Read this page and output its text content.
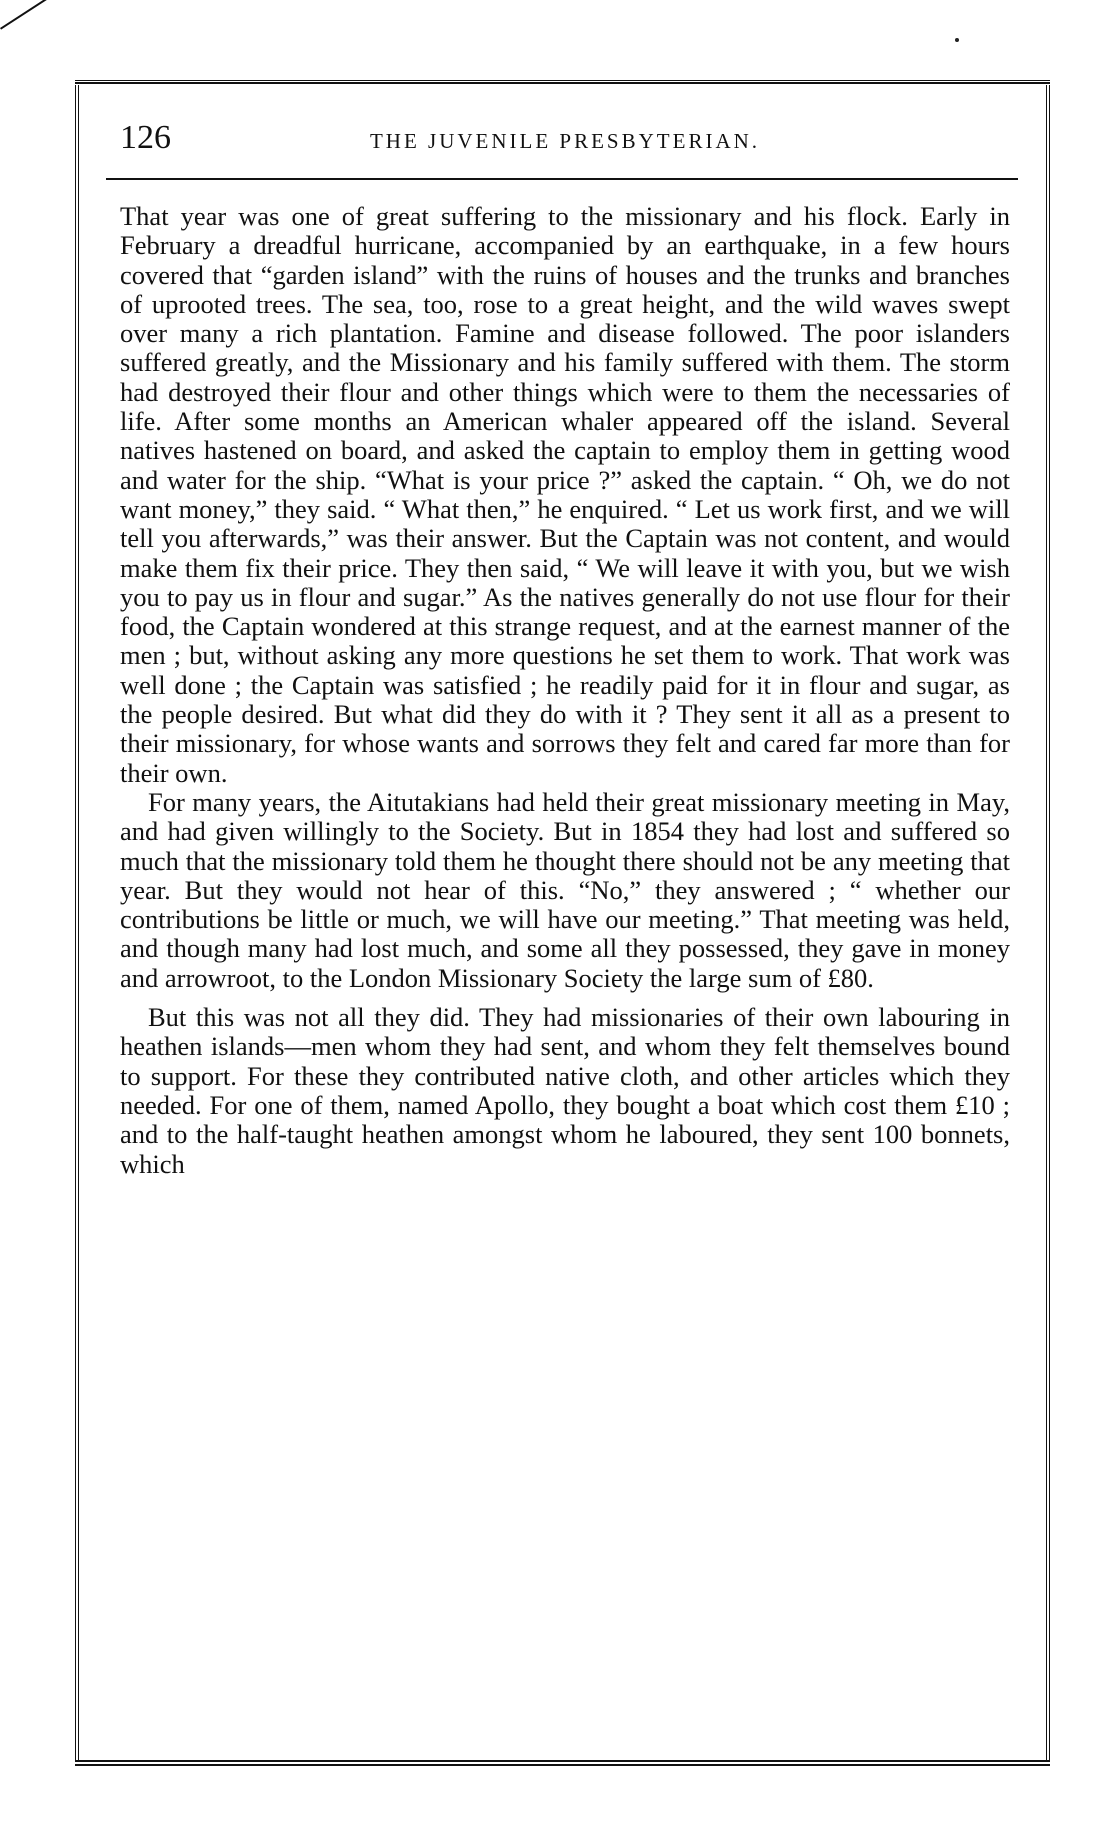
126	THE JUVENILE PRESBYTERIAN.

That year was one of great suffering to the missionary and his flock. Early in February a dreadful hurricane, accompanied by an earthquake, in a few hours covered that “garden island” with the ruins of houses and the trunks and branches of uprooted trees. The sea, too, rose to a great height, and the wild waves swept over many a rich plantation. Famine and disease followed. The poor islanders suffered greatly, and the Missionary and his family suffered with them. The storm had destroyed their flour and other things which were to them the necessaries of life. After some months an American whaler appeared off the island. Several natives hastened on board, and asked the captain to employ them in getting wood and water for the ship. “What is your price ?” asked the captain. “ Oh, we do not want money,” they said. “ What then,” he enquired. “ Let us work first, and we will tell you afterwards,” was their answer. But the Captain was not content, and would make them fix their price. They then said, “ We will leave it with you, but we wish you to pay us in flour and sugar.” As the natives generally do not use flour for their food, the Captain wondered at this strange request, and at the earnest manner of the men ; but, without asking any more questions he set them to work. That work was well done ; the Captain was satisfied ; he readily paid for it in flour and sugar, as the people desired. But what did they do with it ? They sent it all as a present to their missionary, for whose wants and sorrows they felt and cared far more than for their own.

For many years, the Aitutakians had held their great missionary meeting in May, and had given willingly to the Society. But in 1854 they had lost and suffered so much that the missionary told them he thought there should not be any meeting that year. But they would not hear of this. “No,” they answered ; “ whether our contributions be little or much, we will have our meeting.” That meeting was held, and though many had lost much, and some all they possessed, they gave in money and arrowroot, to the London Missionary Society the large sum of £80.

But this was not all they did. They had missionaries of their own labouring in heathen islands—men whom they had sent, and whom they felt themselves bound to support. For these they contributed native cloth, and other articles which they needed. For one of them, named Apollo, they bought a boat which cost them £10 ; and to the half-taught heathen amongst whom he laboured, they sent 100 bonnets, which
